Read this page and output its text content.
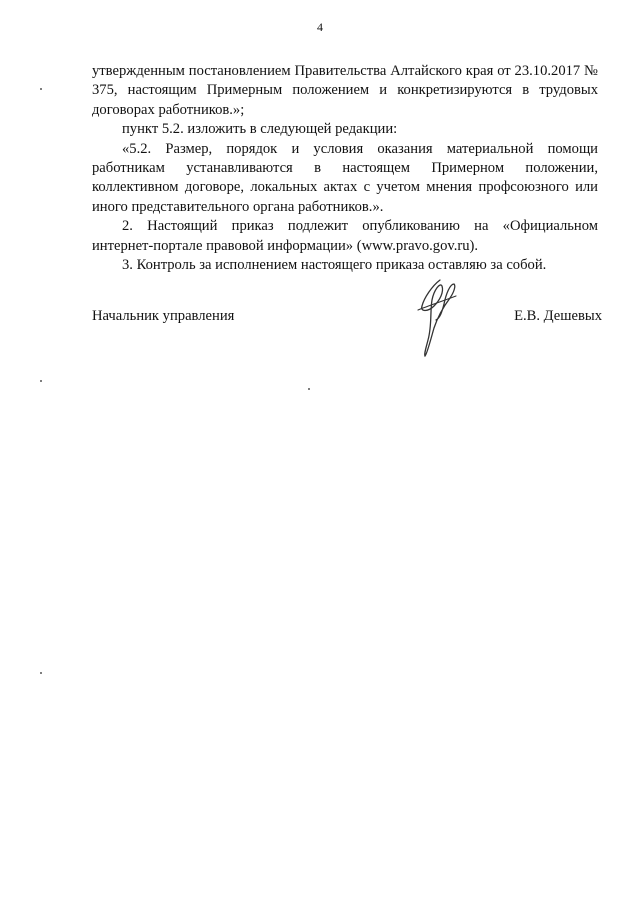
4

утвержденным постановлением Правительства Алтайского края от 23.10.2017 № 375, настоящим Примерным положением и конкретизируются в трудовых договорах работников.»;

пункт 5.2. изложить в следующей редакции:

«5.2. Размер, порядок и условия оказания материальной помощи работникам устанавливаются в настоящем Примерном положении, коллективном договоре, локальных актах с учетом мнения профсоюзного или иного представительного органа работников.».

2. Настоящий приказ подлежит опубликованию на «Официальном интернет-портале правовой информации» (www.pravo.gov.ru).

3. Контроль за исполнением настоящего приказа оставляю за собой.

Начальник управления	Е.В. Дешевых
